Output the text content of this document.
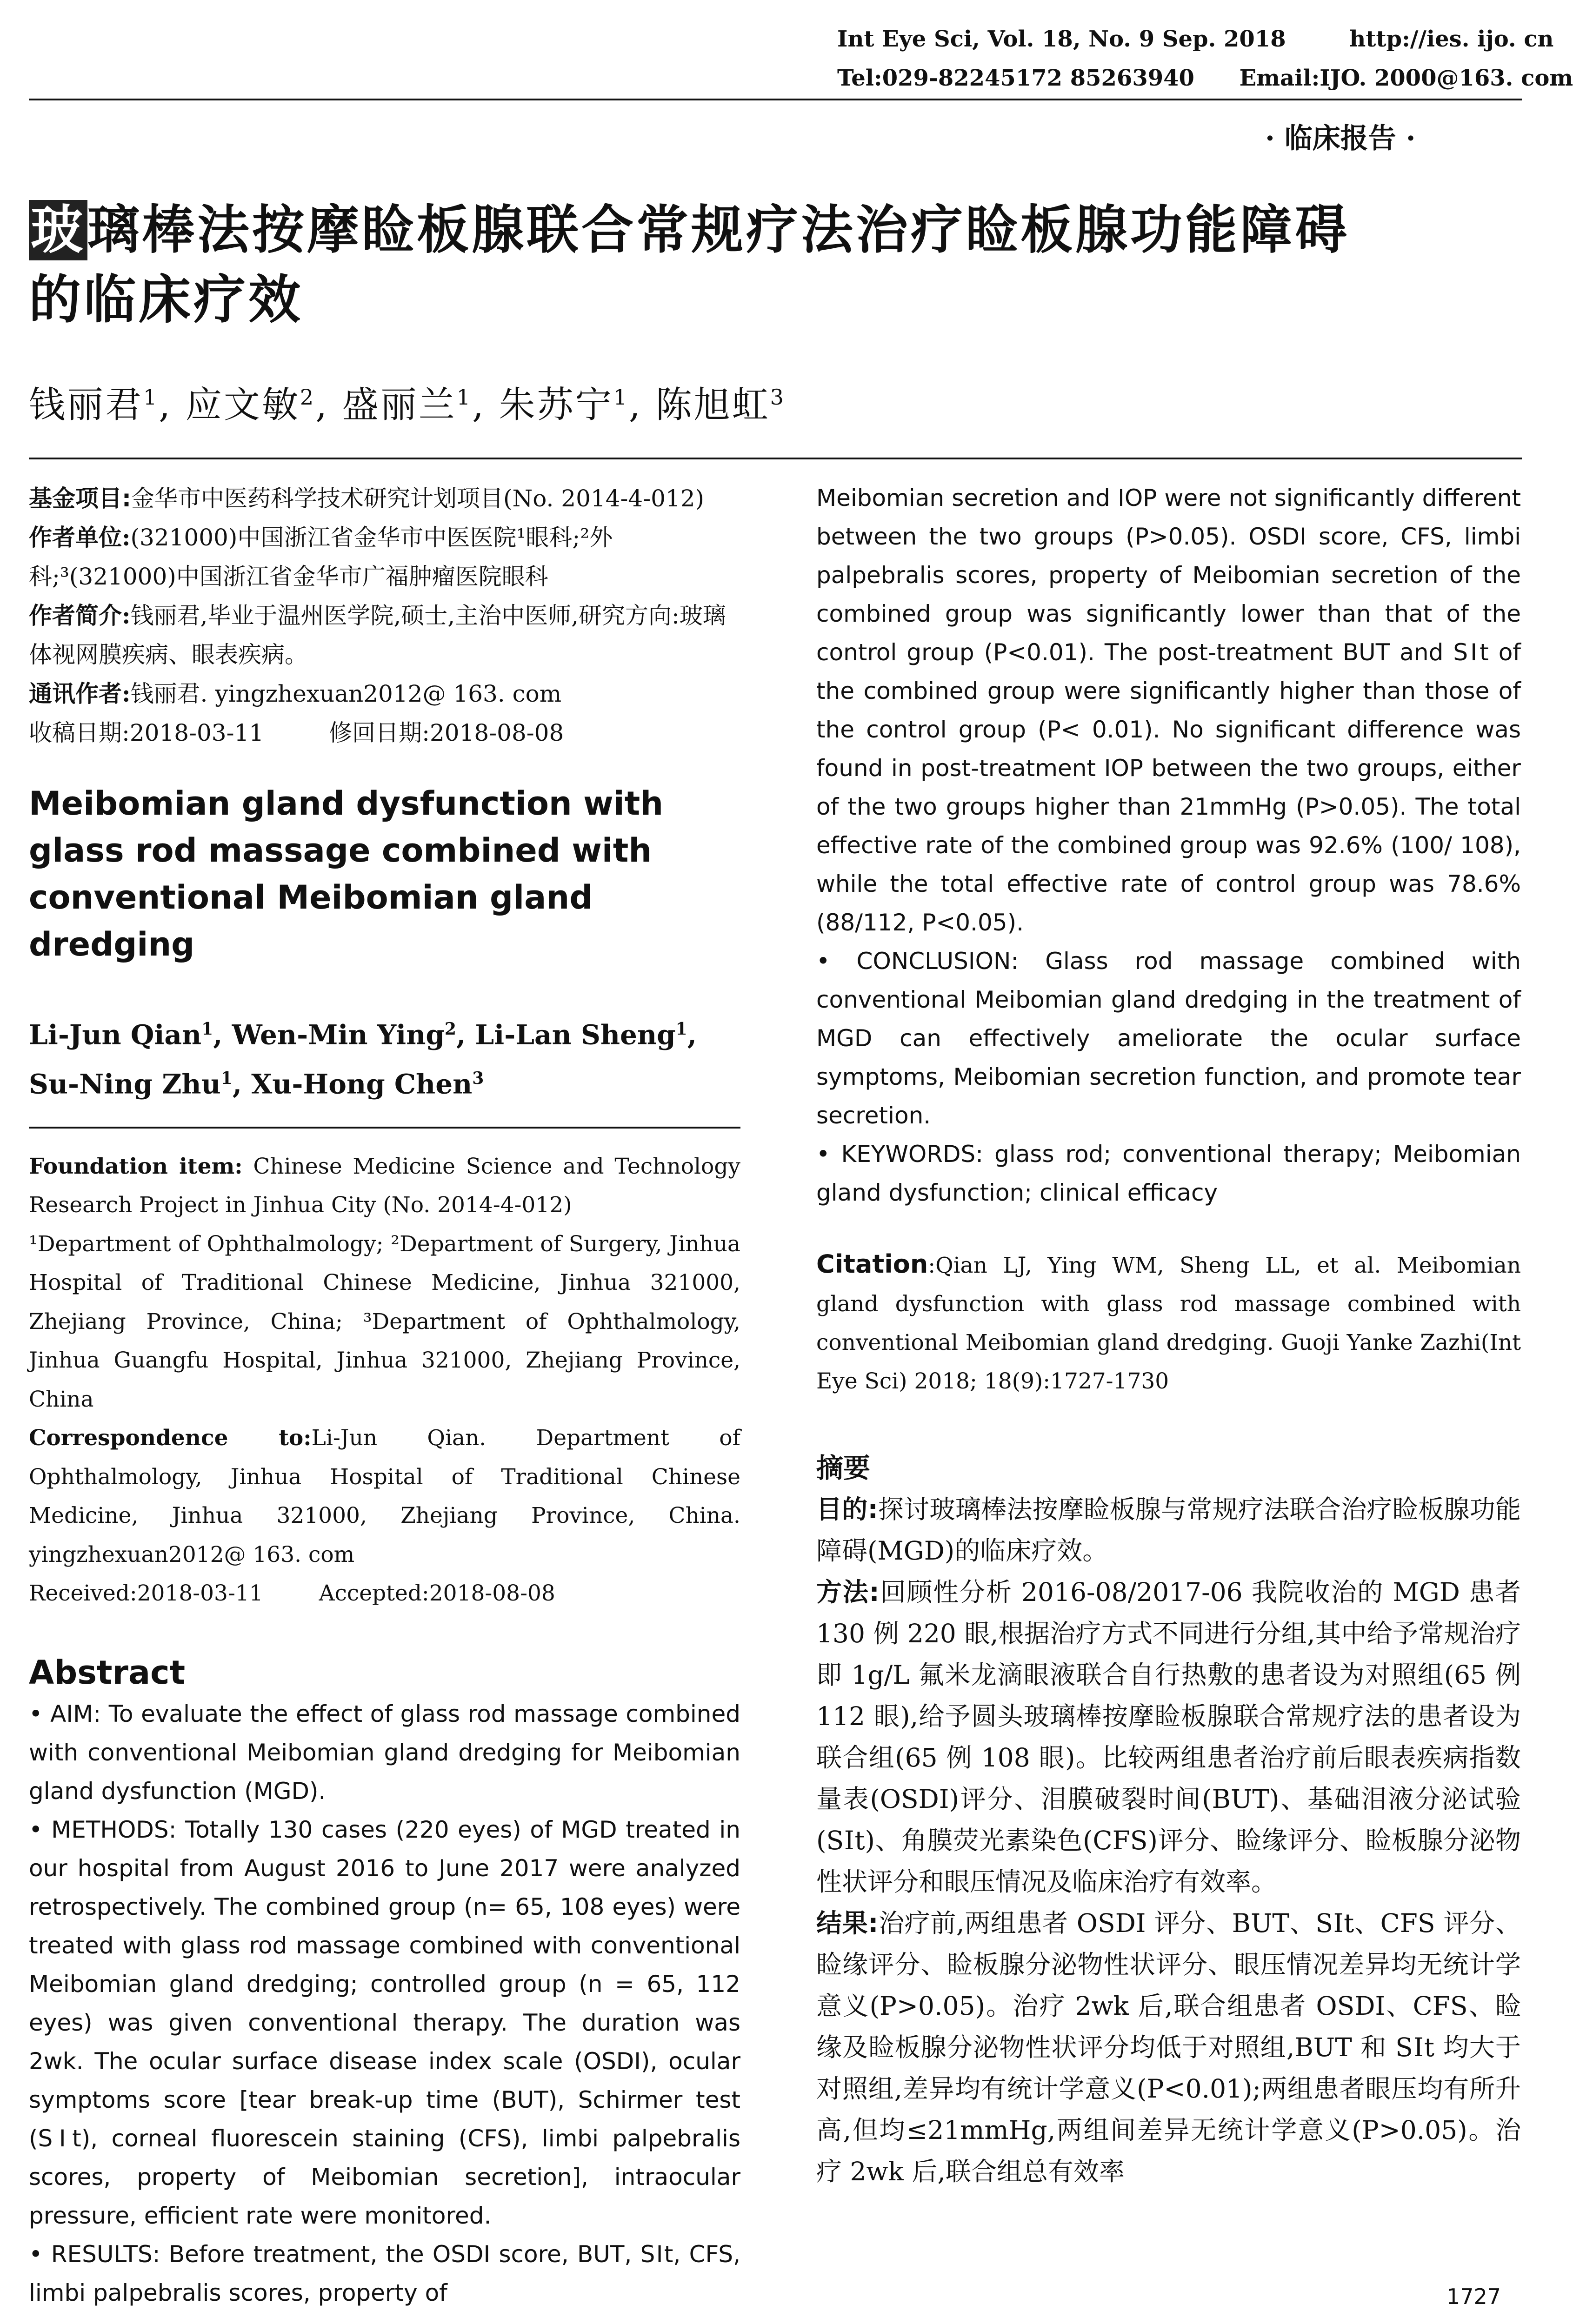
Int Eye Sci, Vol. 18, No. 9 Sep. 2018	http://ies. ijo. cn
Tel:029-82245172 85263940 Email:IJO. 2000@163. com
· 临床报告 ·
玻璃棒法按摩睑板腺联合常规疗法治疗睑板腺功能障碍
的临床疗效
钱丽君$^1$, 应文敏$^2$, 盛丽兰$^1$, 朱苏宁$^1$, 陈旭虹$^3$
基金项目:金华市中医药科学技术研究计划项目(No. 2014-4-012)
作者单位:(321000)中国浙江省金华市中医医院¹眼科;²外科;³(321000)中国浙江省金华市广福肿瘤医院眼科
作者简介:钱丽君,毕业于温州医学院,硕士,主治中医师,研究方向:玻璃体视网膜疾病、眼表疾病。
通讯作者:钱丽君. yingzhexuan2012@ 163. com
收稿日期:2018-03-11	修回日期:2018-08-08
Meibomian gland dysfunction with glass rod massage combined with conventional Meibomian gland dredging
Li-Jun Qian$^1$, Wen-Min Ying$^2$, Li-Lan Sheng$^1$,
Su-Ning Zhu$^1$, Xu-Hong Chen$^3$
Foundation item: Chinese Medicine Science and Technology Research Project in Jinhua City (No. 2014-4-012)
¹Department of Ophthalmology; ²Department of Surgery, Jinhua Hospital of Traditional Chinese Medicine, Jinhua 321000, Zhejiang Province, China; ³Department of Ophthalmology, Jinhua Guangfu Hospital, Jinhua 321000, Zhejiang Province, China
Correspondence to:Li-Jun Qian. Department of Ophthalmology, Jinhua Hospital of Traditional Chinese Medicine, Jinhua 321000, Zhejiang Province, China. yingzhexuan2012@ 163. com
Received:2018-03-11	Accepted:2018-08-08
Abstract
• AIM: To evaluate the effect of glass rod massage combined with conventional Meibomian gland dredging for Meibomian gland dysfunction (MGD).
• METHODS: Totally 130 cases (220 eyes) of MGD treated in our hospital from August 2016 to June 2017 were analyzed retrospectively. The combined group (n= 65, 108 eyes) were treated with glass rod massage combined with conventional Meibomian gland dredging; controlled group (n = 65, 112 eyes) was given conventional therapy. The duration was 2wk. The ocular surface disease index scale (OSDI), ocular symptoms score [tear break-up time (BUT), Schirmer test (SⅠt), corneal fluorescein staining (CFS), limbi palpebralis scores, property of Meibomian secretion], intraocular pressure, efficient rate were monitored.
• RESULTS: Before treatment, the OSDI score, BUT, SⅠt, CFS, limbi palpebralis scores, property of
Meibomian secretion and IOP were not significantly different between the two groups (P>0.05). OSDI score, CFS, limbi palpebralis scores, property of Meibomian secretion of the combined group was significantly lower than that of the control group (P<0.01). The post-treatment BUT and SⅠt of the combined group were significantly higher than those of the control group (P< 0.01). No significant difference was found in post-treatment IOP between the two groups, either of the two groups higher than 21mmHg (P>0.05). The total effective rate of the combined group was 92.6% (100/ 108), while the total effective rate of control group was 78.6% (88/112, P<0.05).
• CONCLUSION: Glass rod massage combined with conventional Meibomian gland dredging in the treatment of MGD can effectively ameliorate the ocular surface symptoms, Meibomian secretion function, and promote tear secretion.
• KEYWORDS: glass rod; conventional therapy; Meibomian gland dysfunction; clinical efficacy
Citation:Qian LJ, Ying WM, Sheng LL, et al. Meibomian gland dysfunction with glass rod massage combined with conventional Meibomian gland dredging. Guoji Yanke Zazhi(Int Eye Sci) 2018; 18(9):1727-1730
摘要
目的:探讨玻璃棒法按摩睑板腺与常规疗法联合治疗睑板腺功能障碍(MGD)的临床疗效。
方法:回顾性分析 2016-08/2017-06 我院收治的 MGD 患者 130 例 220 眼,根据治疗方式不同进行分组,其中给予常规治疗即 1g/L 氟米龙滴眼液联合自行热敷的患者设为对照组(65 例 112 眼),给予圆头玻璃棒按摩睑板腺联合常规疗法的患者设为联合组(65 例 108 眼)。比较两组患者治疗前后眼表疾病指数量表(OSDI)评分、泪膜破裂时间(BUT)、基础泪液分泌试验(SⅠt)、角膜荧光素染色(CFS)评分、睑缘评分、睑板腺分泌物性状评分和眼压情况及临床治疗有效率。
结果:治疗前,两组患者 OSDI 评分、BUT、SⅠt、CFS 评分、睑缘评分、睑板腺分泌物性状评分、眼压情况差异均无统计学意义(P>0.05)。治疗 2wk 后,联合组患者 OSDI、CFS、睑缘及睑板腺分泌物性状评分均低于对照组,BUT 和 SⅠt 均大于对照组,差异均有统计学意义(P<0.01);两组患者眼压均有所升高,但均≤21mmHg,两组间差异无统计学意义(P>0.05)。治疗 2wk 后,联合组总有效率
1727
